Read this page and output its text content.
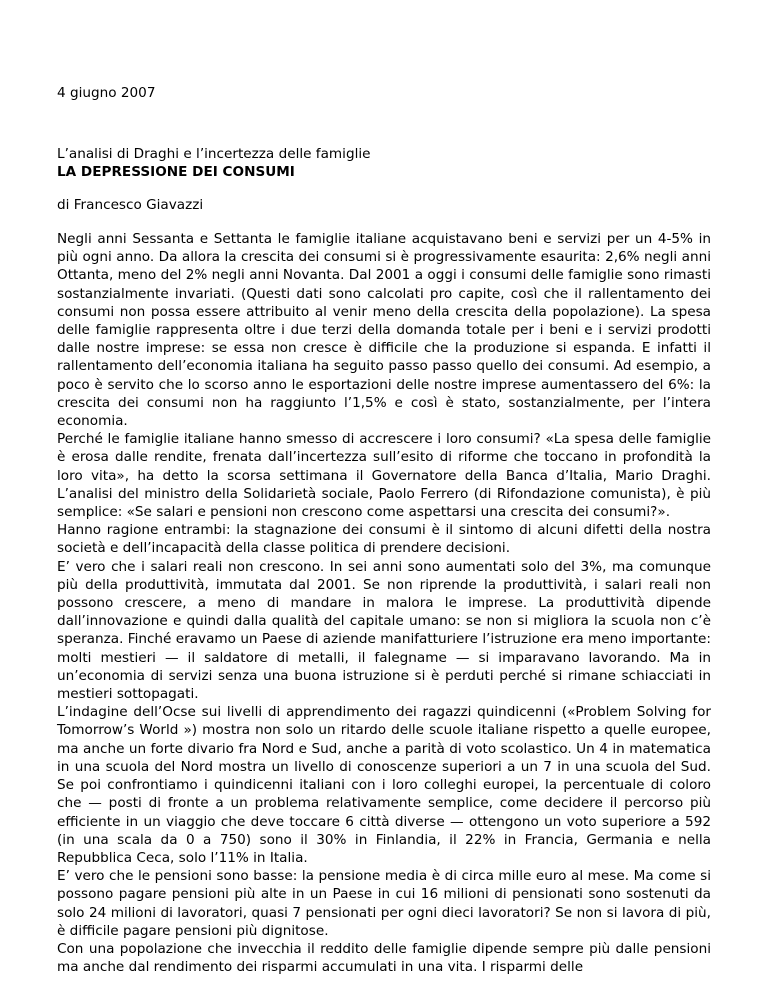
4 giugno 2007

L’analisi di Draghi e l’incertezza delle famiglie

LA DEPRESSIONE DEI CONSUMI

di Francesco Giavazzi

Negli anni Sessanta e Settanta le famiglie italiane acquistavano beni e servizi per un 4-5% in più ogni anno. Da allora la crescita dei consumi si è progressivamente esaurita: 2,6% negli anni Ottanta, meno del 2% negli anni Novanta. Dal 2001 a oggi i consumi delle famiglie sono rimasti sostanzialmente invariati. (Questi dati sono calcolati pro capite, così che il rallentamento dei consumi non possa essere attribuito al venir meno della crescita della popolazione). La spesa delle famiglie rappresenta oltre i due terzi della domanda totale per i beni e i servizi prodotti dalle nostre imprese: se essa non cresce è difficile che la produzione si espanda. E infatti il rallentamento dell’economia italiana ha seguito passo passo quello dei consumi. Ad esempio, a poco è servito che lo scorso anno le esportazioni delle nostre imprese aumentassero del 6%: la crescita dei consumi non ha raggiunto l’1,5% e così è stato, sostanzialmente, per l’intera economia.

Perché le famiglie italiane hanno smesso di accrescere i loro consumi? «La spesa delle famiglie è erosa dalle rendite, frenata dall’incertezza sull’esito di riforme che toccano in profondità la loro vita», ha detto la scorsa settimana il Governatore della Banca d’Italia, Mario Draghi. L’analisi del ministro della Solidarietà sociale, Paolo Ferrero (di Rifondazione comunista), è più semplice: «Se salari e pensioni non crescono come aspettarsi una crescita dei consumi?».

Hanno ragione entrambi: la stagnazione dei consumi è il sintomo di alcuni difetti della nostra società e dell’incapacità della classe politica di prendere decisioni.

E’ vero che i salari reali non crescono. In sei anni sono aumentati solo del 3%, ma comunque più della produttività, immutata dal 2001. Se non riprende la produttività, i salari reali non possono crescere, a meno di mandare in malora le imprese. La produttività dipende dall’innovazione e quindi dalla qualità del capitale umano: se non si migliora la scuola non c’è speranza. Finché eravamo un Paese di aziende manifatturiere l’istruzione era meno importante: molti mestieri — il saldatore di metalli, il falegname — si imparavano lavorando. Ma in un’economia di servizi senza una buona istruzione si è perduti perché si rimane schiacciati in mestieri sottopagati.

L’indagine dell’Ocse sui livelli di apprendimento dei ragazzi quindicenni («Problem Solving for Tomorrow’s World ») mostra non solo un ritardo delle scuole italiane rispetto a quelle europee, ma anche un forte divario fra Nord e Sud, anche a parità di voto scolastico. Un 4 in matematica in una scuola del Nord mostra un livello di conoscenze superiori a un 7 in una scuola del Sud. Se poi confrontiamo i quindicenni italiani con i loro colleghi europei, la percentuale di coloro che — posti di fronte a un problema relativamente semplice, come decidere il percorso più efficiente in un viaggio che deve toccare 6 città diverse — ottengono un voto superiore a 592 (in una scala da 0 a 750) sono il 30% in Finlandia, il 22% in Francia, Germania e nella Repubblica Ceca, solo l’11% in Italia.

E’ vero che le pensioni sono basse: la pensione media è di circa mille euro al mese. Ma come si possono pagare pensioni più alte in un Paese in cui 16 milioni di pensionati sono sostenuti da solo 24 milioni di lavoratori, quasi 7 pensionati per ogni dieci lavoratori? Se non si lavora di più, è difficile pagare pensioni più dignitose.

Con una popolazione che invecchia il reddito delle famiglie dipende sempre più dalle pensioni ma anche dal rendimento dei risparmi accumulati in una vita. I risparmi delle
